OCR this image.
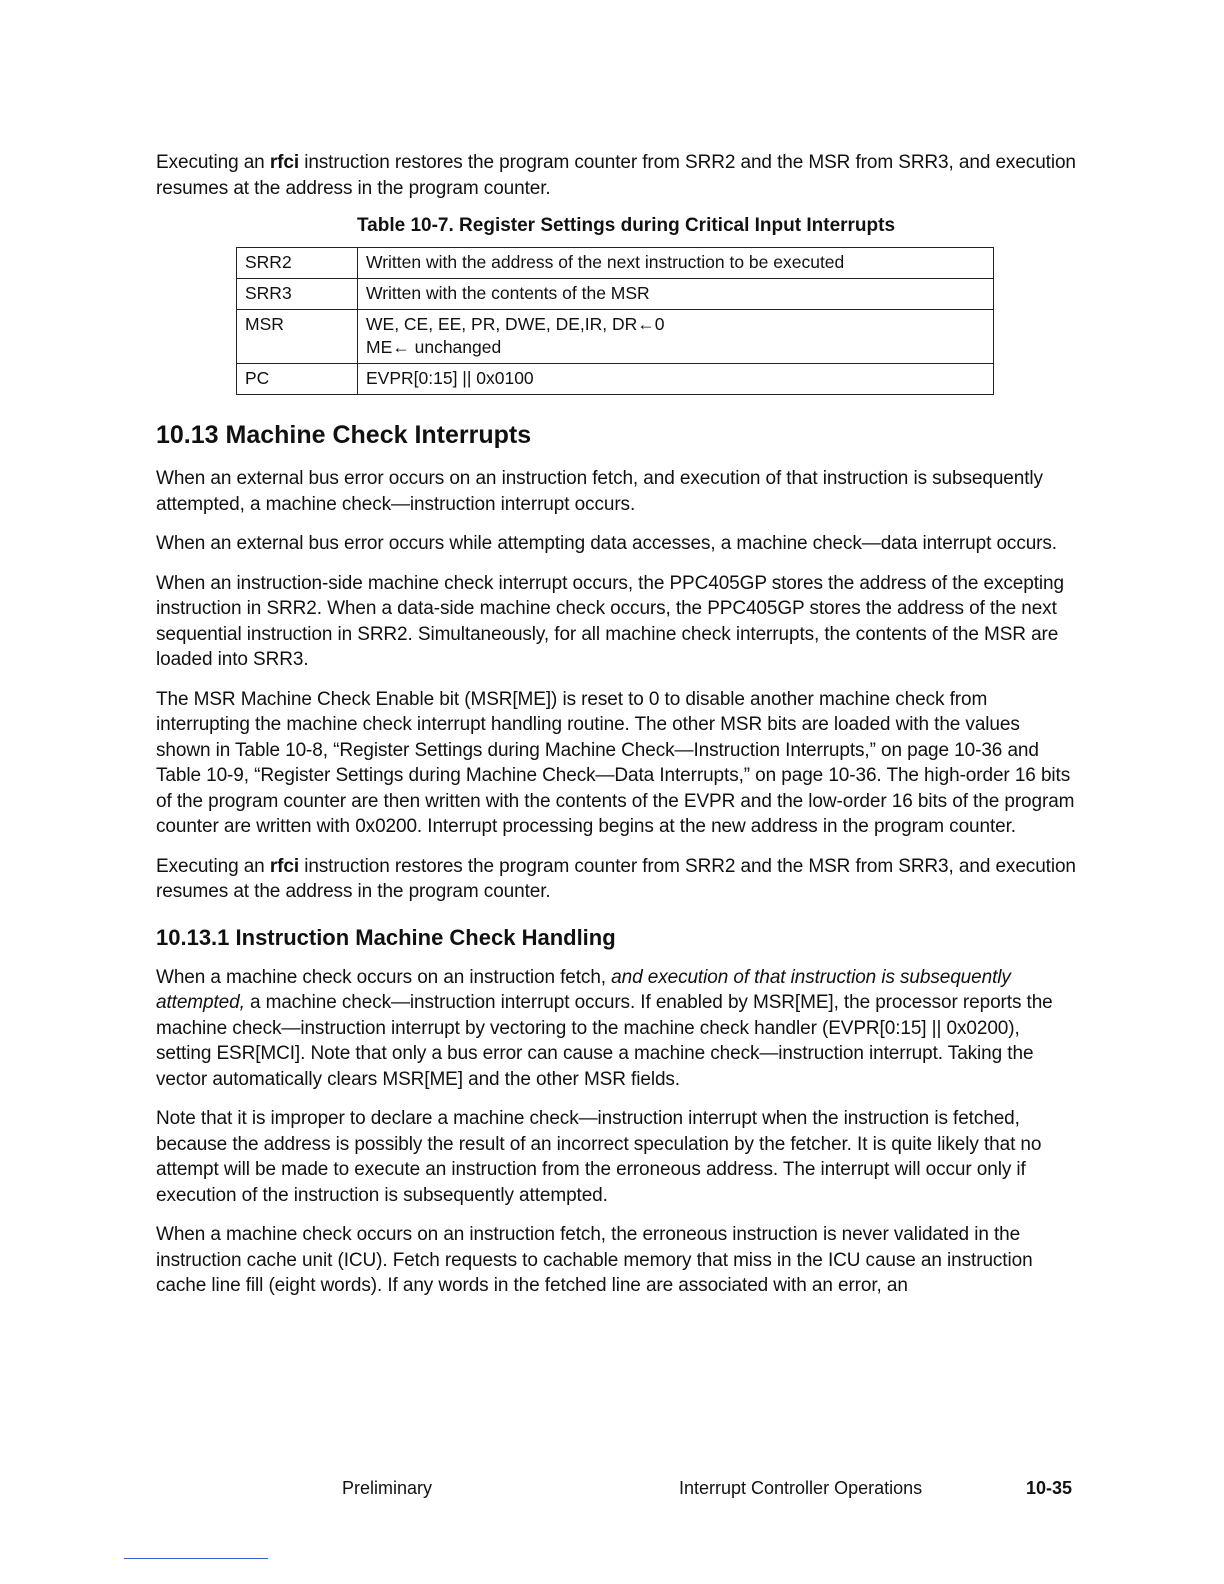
Executing an rfci instruction restores the program counter from SRR2 and the MSR from SRR3, and execution resumes at the address in the program counter.

Table 10-7. Register Settings during Critical Input Interrupts
SRR2	Written with the address of the next instruction to be executed
SRR3	Written with the contents of the MSR
MSR	WE, CE, EE, PR, DWE, DE,IR, DR←0
ME← unchanged
PC	EVPR[0:15] || 0x0100
10.13 Machine Check Interrupts

When an external bus error occurs on an instruction fetch, and execution of that instruction is subsequently attempted, a machine check—instruction interrupt occurs.

When an external bus error occurs while attempting data accesses, a machine check—data interrupt occurs.

When an instruction-side machine check interrupt occurs, the PPC405GP stores the address of the excepting instruction in SRR2. When a data-side machine check occurs, the PPC405GP stores the address of the next sequential instruction in SRR2. Simultaneously, for all machine check interrupts, the contents of the MSR are loaded into SRR3.

The MSR Machine Check Enable bit (MSR[ME]) is reset to 0 to disable another machine check from interrupting the machine check interrupt handling routine. The other MSR bits are loaded with the values shown in Table 10-8, “Register Settings during Machine Check—Instruction Interrupts,” on page 10-36 and Table 10-9, “Register Settings during Machine Check—Data Interrupts,” on page 10-36. The high-order 16 bits of the program counter are then written with the contents of the EVPR and the low-order 16 bits of the program counter are written with 0x0200. Interrupt processing begins at the new address in the program counter.

Executing an rfci instruction restores the program counter from SRR2 and the MSR from SRR3, and execution resumes at the address in the program counter.

10.13.1 Instruction Machine Check Handling

When a machine check occurs on an instruction fetch, and execution of that instruction is subsequently attempted, a machine check—instruction interrupt occurs. If enabled by MSR[ME], the processor reports the machine check—instruction interrupt by vectoring to the machine check handler (EVPR[0:15] || 0x0200), setting ESR[MCI]. Note that only a bus error can cause a machine check—instruction interrupt. Taking the vector automatically clears MSR[ME] and the other MSR fields.

Note that it is improper to declare a machine check—instruction interrupt when the instruction is fetched, because the address is possibly the result of an incorrect speculation by the fetcher. It is quite likely that no attempt will be made to execute an instruction from the erroneous address. The interrupt will occur only if execution of the instruction is subsequently attempted.

When a machine check occurs on an instruction fetch, the erroneous instruction is never validated in the instruction cache unit (ICU). Fetch requests to cachable memory that miss in the ICU cause an instruction cache line fill (eight words). If any words in the fetched line are associated with an error, an

Preliminary	Interrupt Controller Operations	10-35
